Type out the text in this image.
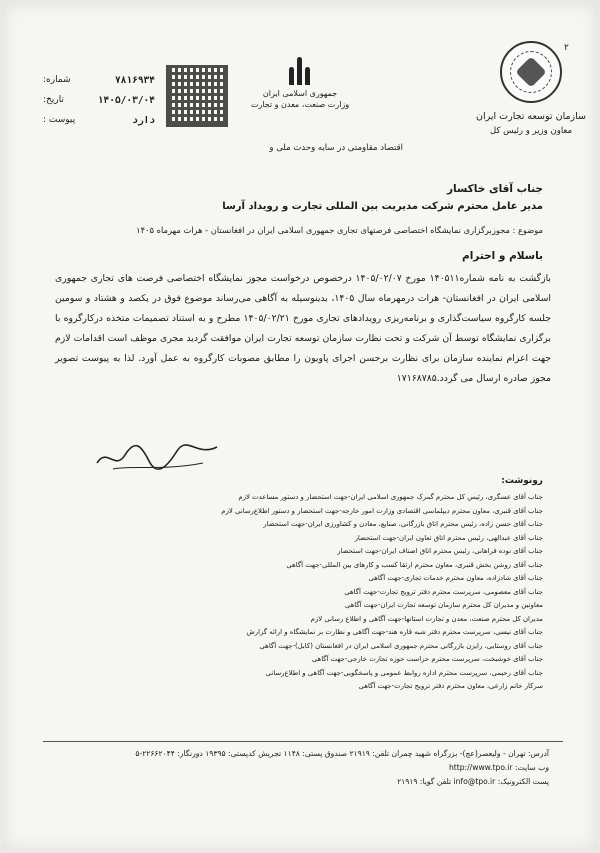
۲
سازمان توسعه تجارت ایران
معاون وزیر و رئیس کل
جمهوری اسلامی ایران
وزارت صنعت، معدن و تجارت
اقتصاد مقاومتی در سایه وحدت ملی و
شماره:	۷۸۱۶۹۳۴
تاریخ:	۱۴۰۵/۰۳/۰۴
پیوست :	دارد
جناب آقای خاکسار
مدیر عامل محترم شرکت مدیریت بین المللی تجارت و رویداد آرسا
موضوع : مجوزبرگزاری نمایشگاه اختصاصی فرصتهای تجاری جمهوری اسلامی ایران در افغانستان - هرات مهرماه ۱۴۰۵
باسلام و احترام
بازگشت به نامه شماره۱۴۰۵۱۱ مورخ ۱۴۰۵/۰۲/۰۷ درخصوص درخواست مجوز نمایشگاه اختصاصی فرصت های تجاری جمهوری اسلامی ایران در افغانستان- هرات درمهرماه سال ۱۴۰۵، بدینوسیله به آگاهی می‌رساند موضوع فوق در یکصد و هشتاد و سومین جلسه کارگروه سیاست‌گذاری و برنامه‌ریزی رویدادهای تجاری مورخ ۱۴۰۵/۰۲/۲۱ مطرح و به استناد تصمیمات متخذه درکارگروه با برگزاری نمایشگاه توسط آن شرکت و تحت نظارت سازمان توسعه تجارت ایران موافقت گردید مجری موظف است اقدامات لازم جهت اعزام نماینده سازمان برای نظارت برحسن اجرای پاویون را مطابق مصوبات کارگروه به عمل آورد. لذا به پیوست تصویر مجوز صادره ارسال می گردد.۱۷۱۶۸۷۸۵
رونوشت:
جناب آقای عسگری، رئیس کل محترم گمرک جمهوری اسلامی ایران-جهت استحضار و دستور مساعدت لازم
جناب آقای قنبری، معاون محترم دیپلماسی اقتصادی وزارت امور خارجه-جهت استحضار و دستور اطلاع‌رسانی لازم
جناب آقای حسن زاده، رئیس محترم اتاق بازرگانی، صنایع، معادن و کشاورزی ایران-جهت استحضار
جناب آقای عبدالهی، رئیس محترم اتاق تعاون ایران-جهت استحضار
جناب آقای نوده فراهانی، رئیس محترم اتاق اصناف ایران-جهت استحضار
جناب آقای روشن بخش قنبری، معاون محترم ارتقا کسب و کارهای بین المللی-جهت آگاهی
جناب آقای شادزاده، معاون محترم خدمات تجاری-جهت آگاهی
جناب آقای معصومی، سرپرست محترم دفتر ترویج تجارت-جهت آگاهی
معاونین و مدیران کل محترم سازمان توسعه تجارت ایران-جهت آگاهی
مدیران کل محترم صنعت، معدن و تجارت استانها-جهت آگاهی و اطلاع رسانی لازم
جناب آقای نیسی، سرپرست محترم دفتر شبه قاره هند-جهت آگاهی و نظارت بر نمایشگاه و ارائه گزارش
جناب آقای روستایی، رایزن بازرگانی محترم جمهوری اسلامی ایران در افغانستان (کابل)-جهت آگاهی
جناب آقای خوشبخت، سرپرست محترم حراست حوزه تجارت خارجی-جهت آگاهی
جناب آقای رحیمی، سرپرست محترم اداره روابط عمومی و پاسخگویی-جهت آگاهی و اطلاع‌رسانی
سرکار خانم زارعی، معاون محترم دفتر ترویج تجارت-جهت آگاهی
آدرس: تهران - ولیعصر(عج)- بزرگراه شهید چمران تلفن: ۲۱۹۱۹ صندوق پستی: ۱۱۴۸ تجریش کدپستی: ۱۹۳۹۵ دورنگار: ۲۲۶۶۲۰۴۴-۵
وب سایت: http://www.tpo.ir
پست الکترونیک: info@tpo.ir تلفن گویا: ۲۱۹۱۹
